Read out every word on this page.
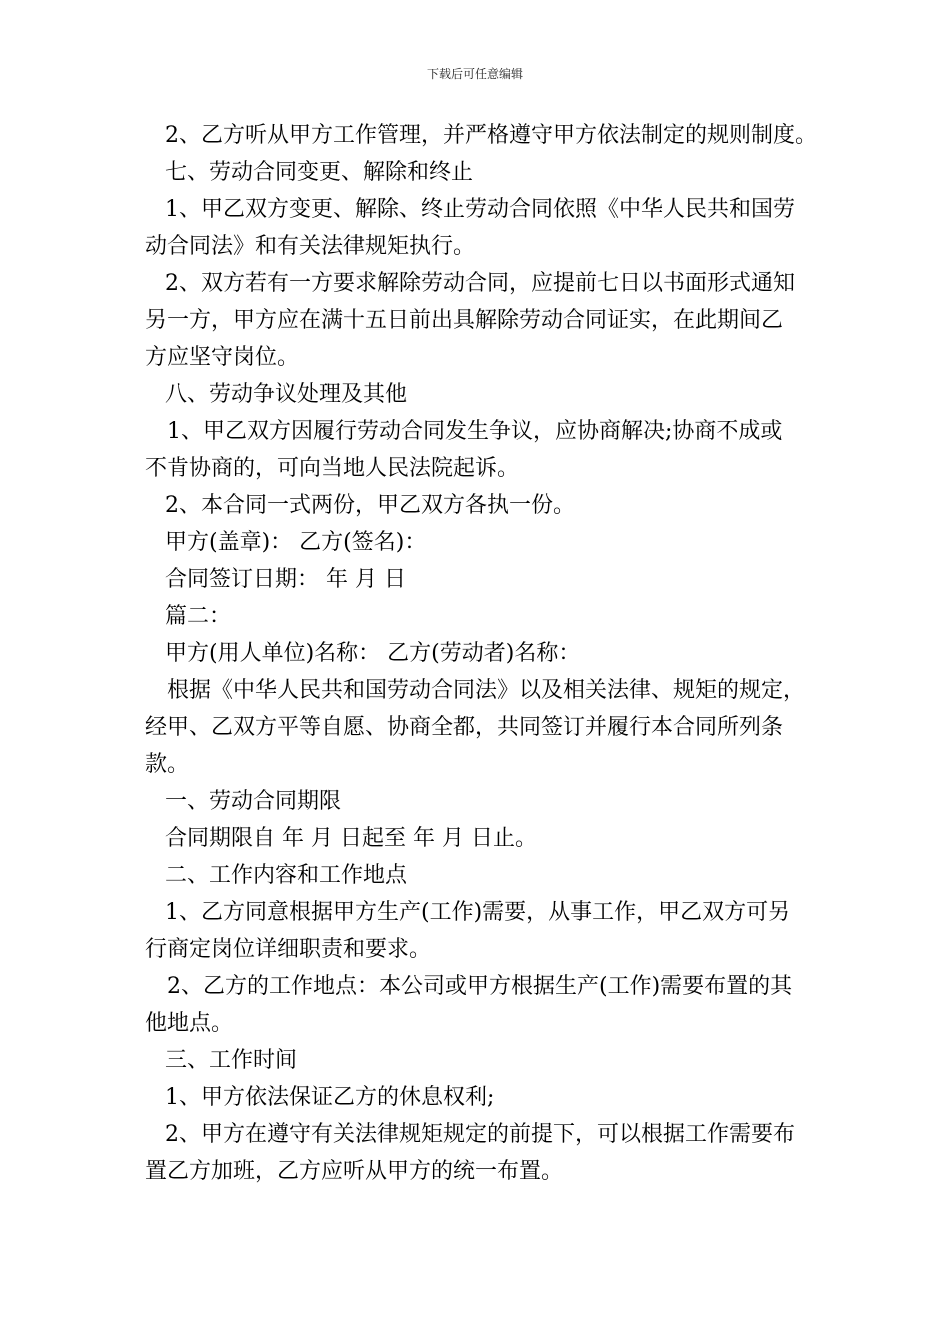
下载后可任意编辑
2、乙方听从甲方工作管理，并严格遵守甲方依法制定的规则制度。
七、劳动合同变更、解除和终止
1、甲乙双方变更、解除、终止劳动合同依照《中华人民共和国劳
动合同法》和有关法律规矩执行。
2、双方若有一方要求解除劳动合同，应提前七日以书面形式通知
另一方，甲方应在满十五日前出具解除劳动合同证实，在此期间乙
方应坚守岗位。
八、劳动争议处理及其他
1、甲乙双方因履行劳动合同发生争议，应协商解决;协商不成或
不肯协商的，可向当地人民法院起诉。
2、本合同一式两份，甲乙双方各执一份。
甲方(盖章)： 乙方(签名)：
合同签订日期： 年 月 日
篇二：
甲方(用人单位)名称： 乙方(劳动者)名称：
根据《中华人民共和国劳动合同法》以及相关法律、规矩的规定，
经甲、乙双方平等自愿、协商全都，共同签订并履行本合同所列条
款。
一、劳动合同期限
合同期限自 年 月 日起至 年 月 日止。
二、工作内容和工作地点
1、乙方同意根据甲方生产(工作)需要，从事工作，甲乙双方可另
行商定岗位详细职责和要求。
2、乙方的工作地点：本公司或甲方根据生产(工作)需要布置的其
他地点。
三、工作时间
1、甲方依法保证乙方的休息权利;
2、甲方在遵守有关法律规矩规定的前提下，可以根据工作需要布
置乙方加班，乙方应听从甲方的统一布置。
